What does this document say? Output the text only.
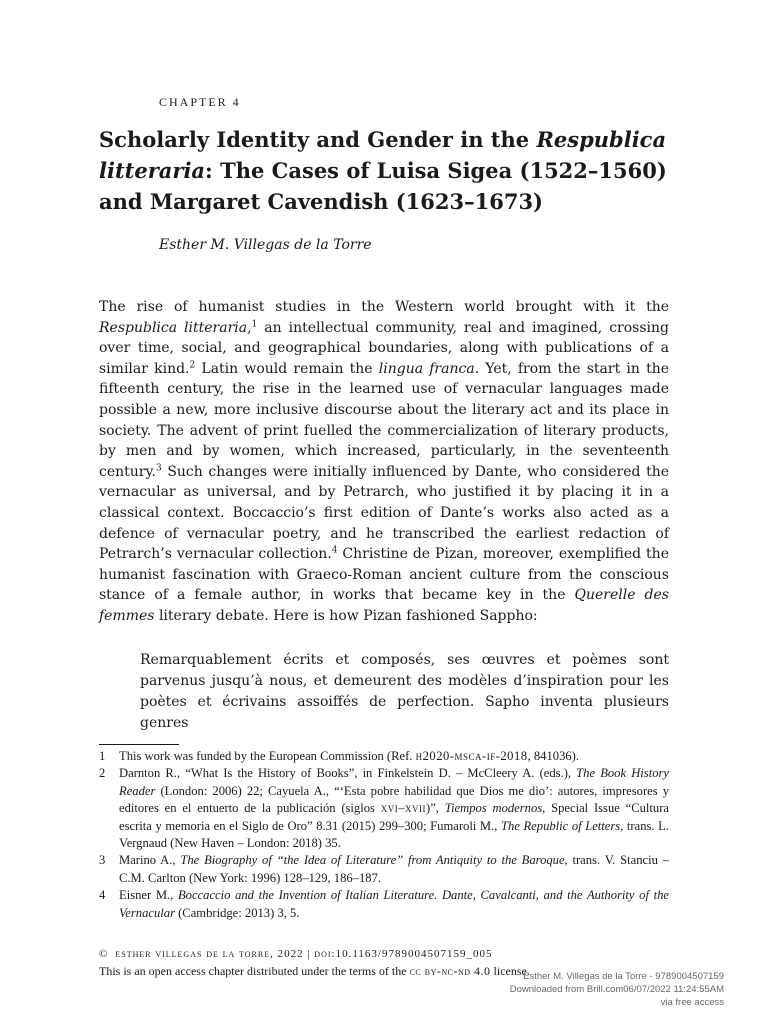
CHAPTER 4
Scholarly Identity and Gender in the Respublica litteraria: The Cases of Luisa Sigea (1522–1560) and Margaret Cavendish (1623–1673)
Esther M. Villegas de la Torre

The rise of humanist studies in the Western world brought with it the Respublica litteraria,$^1$ an intellectual community, real and imagined, crossing over time, social, and geographical boundaries, along with publications of a similar kind.$^2$ Latin would remain the lingua franca. Yet, from the start in the fifteenth century, the rise in the learned use of vernacular languages made possible a new, more inclusive discourse about the literary act and its place in society. The advent of print fuelled the commercialization of literary products, by men and by women, which increased, particularly, in the seventeenth century.$^3$ Such changes were initially influenced by Dante, who considered the vernacular as universal, and by Petrarch, who justified it by placing it in a classical context. Boccaccio’s first edition of Dante’s works also acted as a defence of vernacular poetry, and he transcribed the earliest redaction of Petrarch’s vernacular collection.$^4$ Christine de Pizan, moreover, exemplified the humanist fascination with Graeco-Roman ancient culture from the conscious stance of a female author, in works that became key in the Querelle des femmes literary debate. Here is how Pizan fashioned Sappho:

Remarquablement écrits et composés, ses œuvres et poèmes sont parvenus jusqu’à nous, et demeurent des modèles d’inspiration pour les poètes et écrivains assoiffés de perfection. Sapho inventa plusieurs genres

1	This work was funded by the European Commission (Ref. h2020-msca-if-2018, 841036).
2	Darnton R., “What Is the History of Books”, in Finkelstein D. – McCleery A. (eds.), The Book History Reader (London: 2006) 22; Cayuela A., “‘Esta pobre habilidad que Dios me dio’: autores, impresores y editores en el entuerto de la publicación (siglos xvi–xvii)”, Tiempos modernos, Special Issue “Cultura escrita y memoria en el Siglo de Oro” 8.31 (2015) 299–300; Fumaroli M., The Republic of Letters, trans. L. Vergnaud (New Haven – London: 2018) 35.
3	Marino A., The Biography of “the Idea of Literature” from Antiquity to the Baroque, trans. V. Stanciu – C.M. Carlton (New York: 1996) 128–129, 186–187.
4	Eisner M., Boccaccio and the Invention of Italian Literature. Dante, Cavalcanti, and the Authority of the Vernacular (Cambridge: 2013) 3, 5.
© esther villegas de la torre, 2022 | doi:10.1163/9789004507159_005
This is an open access chapter distributed under the terms of the cc by-nc-nd 4.0 license.
Esther M. Villegas de la Torre - 9789004507159
Downloaded from Brill.com06/07/2022 11:24:55AM
via free access
